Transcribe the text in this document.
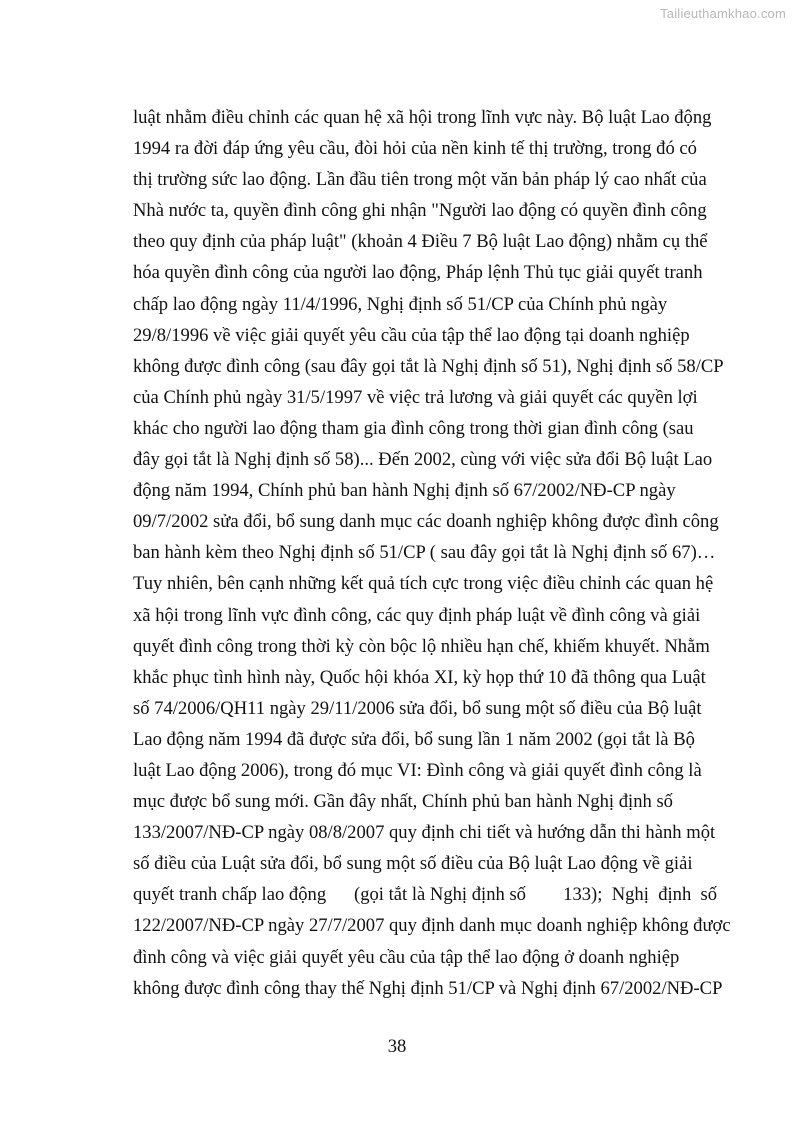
Tailieuthamkhao.com
luật nhằm điều chỉnh các quan hệ xã hội trong lĩnh vực này. Bộ luật Lao động
1994 ra đời đáp ứng yêu cầu, đòi hỏi của nền kinh tế thị trường, trong đó có
thị trường sức lao động. Lần đầu tiên trong một văn bản pháp lý cao nhất của
Nhà nước ta, quyền đình công ghi nhận "Người lao động có quyền đình công
theo quy định của pháp luật" (khoản 4 Điều 7 Bộ luật Lao động) nhằm cụ thể
hóa quyền đình công của người lao động, Pháp lệnh Thủ tục giải quyết tranh
chấp lao động ngày 11/4/1996, Nghị định số 51/CP của Chính phủ ngày
29/8/1996 về việc giải quyết yêu cầu của tập thể lao động tại doanh nghiệp
không được đình công (sau đây gọi tắt là Nghị định số 51), Nghị định số 58/CP
của Chính phủ ngày 31/5/1997 về việc trả lương và giải quyết các quyền lợi
khác cho người lao động tham gia đình công trong thời gian đình công (sau
đây gọi tắt là Nghị định số 58)... Đến 2002, cùng với việc sửa đổi Bộ luật Lao
động năm 1994, Chính phủ ban hành Nghị định số 67/2002/NĐ-CP ngày
09/7/2002 sửa đổi, bổ sung danh mục các doanh nghiệp không được đình công
ban hành kèm theo Nghị định số 51/CP ( sau đây gọi tắt là Nghị định số 67)…
Tuy nhiên, bên cạnh những kết quả tích cực trong việc điều chỉnh các quan hệ
xã hội trong lĩnh vực đình công, các quy định pháp luật về đình công và giải
quyết đình công trong thời kỳ còn bộc lộ nhiều hạn chế, khiếm khuyết. Nhằm
khắc phục tình hình này, Quốc hội khóa XI, kỳ họp thứ 10 đã thông qua Luật
số 74/2006/QH11 ngày 29/11/2006 sửa đổi, bổ sung một số điều của Bộ luật
Lao động năm 1994 đã được sửa đổi, bổ sung lần 1 năm 2002 (gọi tắt là Bộ
luật Lao động 2006), trong đó mục VI: Đình công và giải quyết đình công là
mục được bổ sung mới. Gần đây nhất, Chính phủ ban hành Nghị định số
133/2007/NĐ-CP ngày 08/8/2007 quy định chi tiết và hướng dẫn thi hành một
số điều của Luật sửa đổi, bổ sung một số điều của Bộ luật Lao động về giải
quyết tranh chấp lao động      (gọi tắt là Nghị định số        133);  Nghị  định  số
122/2007/NĐ-CP ngày 27/7/2007 quy định danh mục doanh nghiệp không được
đình công và việc giải quyết yêu cầu của tập thể lao động ở doanh nghiệp
không được đình công thay thế Nghị định 51/CP và Nghị định 67/2002/NĐ-CP
38
